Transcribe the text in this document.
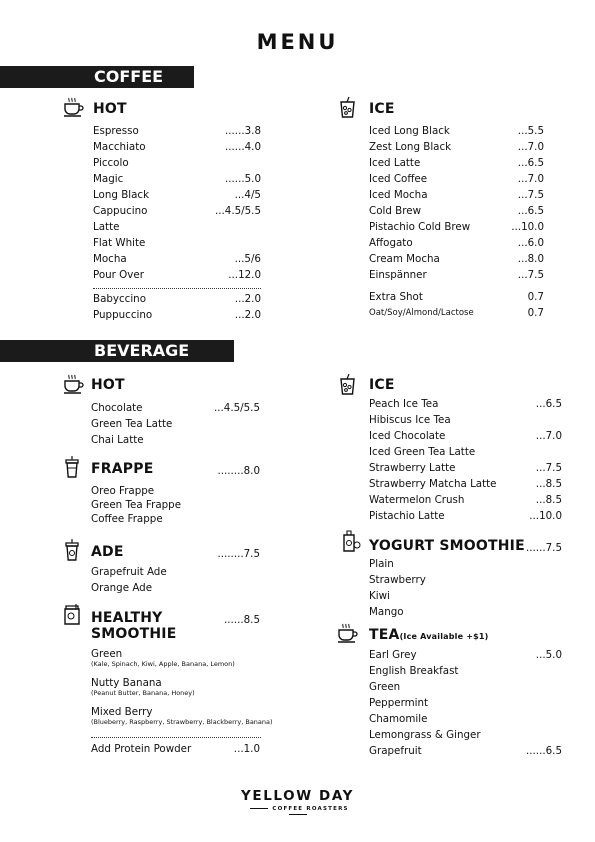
MENU
COFFEE
HOT
Espresso	......3.8
Macchiato	......4.0
Piccolo
Magic	......5.0
Long Black	...4/5
Cappucino	...4.5/5.5
Latte
Flat White
Mocha	...5/6
Pour Over	...12.0
Babyccino	...2.0
Puppuccino	...2.0
ICE
Iced Long Black	...5.5
Zest Long Black	...7.0
Iced Latte	...6.5
Iced Coffee	...7.0
Iced Mocha	...7.5
Cold Brew	...6.5
Pistachio Cold Brew	...10.0
Affogato	...6.0
Cream Mocha	...8.0
Einspänner	...7.5
Extra Shot	0.7
Oat/Soy/Almond/Lactose	0.7
BEVERAGE
HOT
Chocolate	...4.5/5.5
Green Tea Latte
Chai Latte
FRAPPE	........8.0
Oreo Frappe
Green Tea Frappe
Coffee Frappe
ADE	........7.5
Grapefruit Ade
Orange Ade
HEALTHY
SMOOTHIE
......8.5
Green
(Kale, Spinach, Kiwi, Apple, Banana, Lemon)
Nutty Banana
(Peanut Butter, Banana, Honey)
Mixed Berry
(Blueberry, Raspberry, Strawberry, Blackberry, Banana)
Add Protein Powder	...1.0
ICE
Peach Ice Tea	...6.5
Hibiscus Ice Tea
Iced Chocolate	...7.0
Iced Green Tea Latte
Strawberry Latte	...7.5
Strawberry Matcha Latte	...8.5
Watermelon Crush	...8.5
Pistachio Latte	...10.0
YOGURT SMOOTHIE ......7.5
Plain
Strawberry
Kiwi
Mango
TEA(Ice Available +$1)
Earl Grey	...5.0
English Breakfast
Green
Peppermint
Chamomile
Lemongrass & Ginger
Grapefruit	......6.5
YELLOW DAY
COFFEE ROASTERS
